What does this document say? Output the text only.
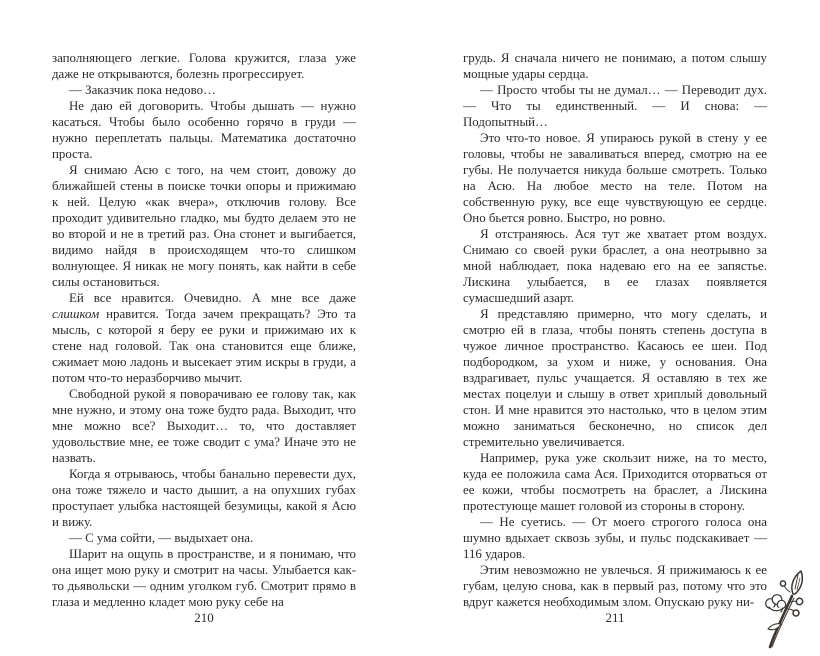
заполняющего легкие. Голова кружится, глаза уже даже не открываются, болезнь прогрессирует.

— Заказчик пока недово…

Не даю ей договорить. Чтобы дышать — нужно касаться. Чтобы было особенно горячо в груди — нужно переплетать пальцы. Математика достаточно проста.

Я снимаю Асю с того, на чем стоит, довожу до ближайшей стены в поиске точки опоры и прижимаю к ней. Целую «как вчера», отключив голову. Все проходит удивительно гладко, мы будто делаем это не во второй и не в третий раз. Она стонет и выгибается, видимо найдя в происходящем что-то слишком волнующее. Я никак не могу понять, как найти в себе силы остановиться.

Ей все нравится. Очевидно. А мне все даже слишком нравится. Тогда зачем прекращать? Это та мысль, с которой я беру ее руки и прижимаю их к стене над головой. Так она становится еще ближе, сжимает мою ладонь и высекает этим искры в груди, а потом что-то неразборчиво мычит.

Свободной рукой я поворачиваю ее голову так, как мне нужно, и этому она тоже будто рада. Выходит, что мне можно все? Выходит… то, что доставляет удовольствие мне, ее тоже сводит с ума? Иначе это не назвать.

Когда я отрываюсь, чтобы банально перевести дух, она тоже тяжело и часто дышит, а на опухших губах проступает улыбка настоящей безумицы, какой я Асю и вижу.

— С ума сойти, — выдыхает она.

Шарит на ощупь в пространстве, и я понимаю, что она ищет мою руку и смотрит на часы. Улыбается как-то дьявольски — одним уголком губ. Смотрит прямо в глаза и медленно кладет мою руку себе на

грудь. Я сначала ничего не понимаю, а потом слышу мощные удары сердца.

— Просто чтобы ты не думал… — Переводит дух. — Что ты единственный. — И снова: — Подопытный…

Это что-то новое. Я упираюсь рукой в стену у ее головы, чтобы не заваливаться вперед, смотрю на ее губы. Не получается никуда больше смотреть. Только на Асю. На любое место на теле. Потом на собственную руку, все еще чувствующую ее сердце. Оно бьется ровно. Быстро, но ровно.

Я отстраняюсь. Ася тут же хватает ртом воздух. Снимаю со своей руки браслет, а она неотрывно за мной наблюдает, пока надеваю его на ее запястье. Лискина улыбается, в ее глазах появляется сумасшедший азарт.

Я представляю примерно, что могу сделать, и смотрю ей в глаза, чтобы понять степень доступа в чужое личное пространство. Касаюсь ее шеи. Под подбородком, за ухом и ниже, у основания. Она вздрагивает, пульс учащается. Я оставляю в тех же местах поцелуи и слышу в ответ хриплый довольный стон. И мне нравится это настолько, что в целом этим можно заниматься бесконечно, но список дел стремительно увеличивается.

Например, рука уже скользит ниже, на то место, куда ее положила сама Ася. Приходится оторваться от ее кожи, чтобы посмотреть на браслет, а Лискина протестующе машет головой из стороны в сторону.

— Не суетись. — От моего строгого голоса она шумно вдыхает сквозь зубы, и пульс подскакивает — 116 ударов.

Этим невозможно не увлечься. Я прижимаюсь к ее губам, целую снова, как в первый раз, потому что это вдруг кажется необходимым злом. Опускаю руку ни-

210	211
